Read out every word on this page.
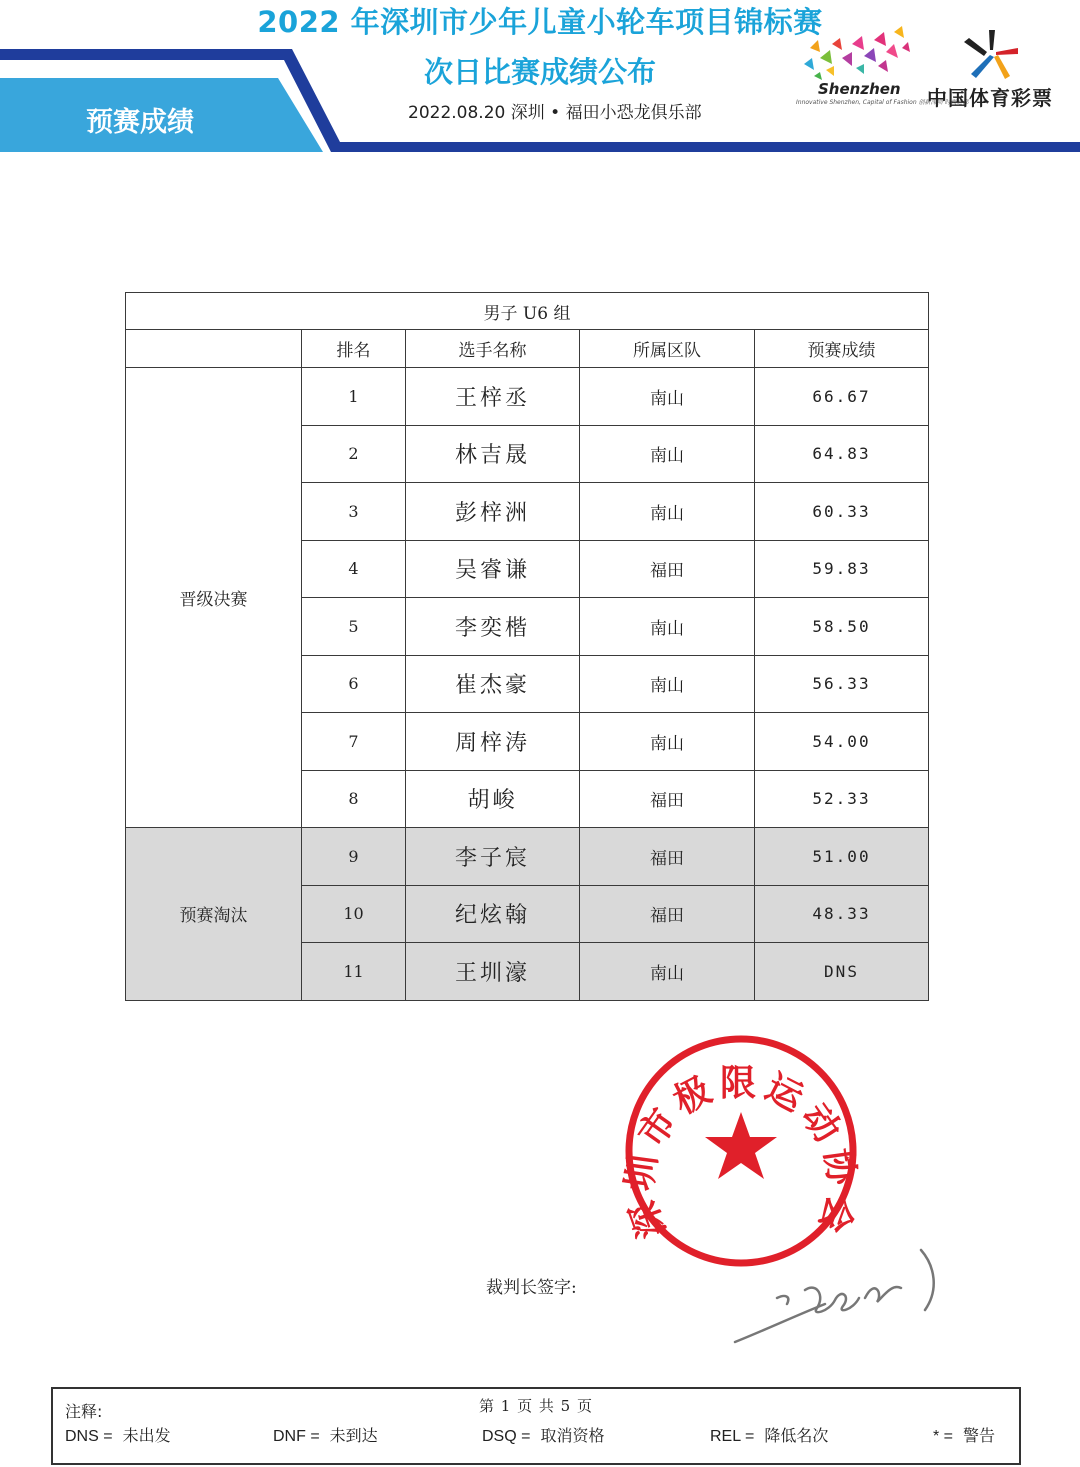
2022 年深圳市少年儿童小轮车项目锦标赛
次日比赛成绩公布
2022.08.20 深圳 • 福田小恐龙俱乐部
预赛成绩
Shenzhen
Innovative Shenzhen, Capital of Fashion 创新深圳 时尚之都
中国体育彩票
男子 U6 组				
	排名	选手名称	所属区队	预赛成绩
晋级决赛	1	王梓丞	南山	66.67
	2	林吉晟	南山	64.83
	3	彭梓洲	南山	60.33
	4	吴睿谦	福田	59.83
	5	李奕楷	南山	58.50
	6	崔杰豪	南山	56.33
	7	周梓涛	南山	54.00
	8	胡峻	福田	52.33
预赛淘汰	9	李子宸	福田	51.00
	10	纪炫翰	福田	48.33
	11	王圳濠	南山	DNS
深圳市极限运动协会
裁判长签字:
注释:	第 1 页 共 5 页
DNS = 未出发	DNF = 未到达	DSQ = 取消资格	REL = 降低名次	* = 警告
